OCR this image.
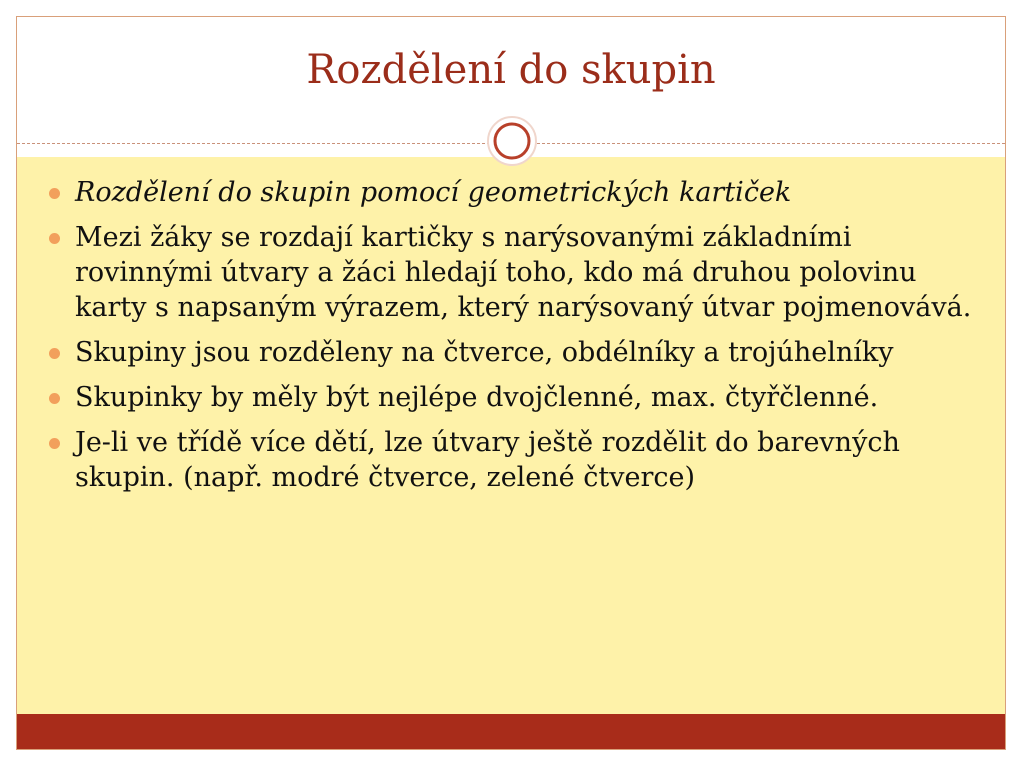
Rozdělení do skupin
Rozdělení do skupin pomocí geometrických kartiček
Mezi žáky se rozdají kartičky s narýsovanými základními rovinnými útvary a žáci hledají toho, kdo má druhou polovinu karty s napsaným výrazem, který narýsovaný útvar pojmenovává.
Skupiny jsou rozděleny na čtverce, obdélníky a trojúhelníky
Skupinky by měly být nejlépe dvojčlenné, max. čtyřčlenné.
Je-li ve třídě více dětí, lze útvary ještě rozdělit do barevných skupin. (např. modré čtverce, zelené čtverce)
